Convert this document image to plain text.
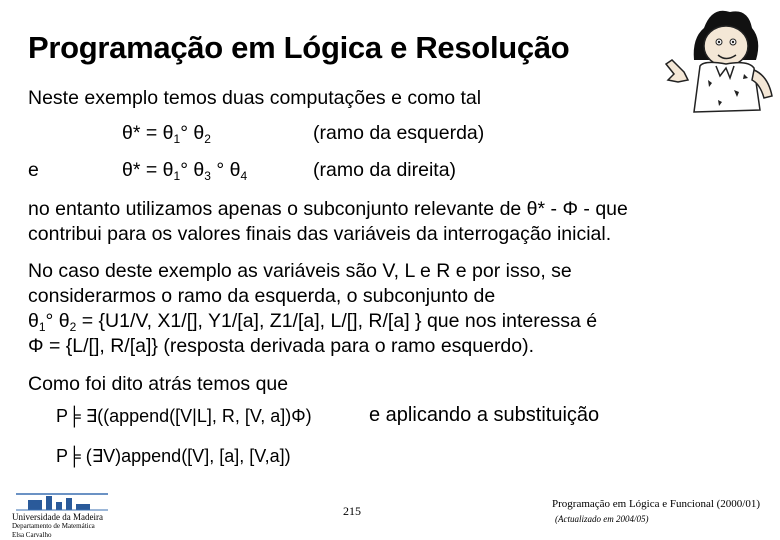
Programação em Lógica e Resolução
Neste exemplo temos duas computações e como tal
$\theta* = \theta_1^\circ$ $\theta_2$	(ramo da esquerda)
e	$\theta* = \theta_1^\circ$ $\theta_3$ ° $\theta_4$	(ramo da direita)
no entanto utilizamos apenas o subconjunto relevante de θ* - Φ - que
contribui para os valores finais das variáveis da interrogação inicial.
No caso deste exemplo as variáveis são V, L e R e por isso, se
considerarmos o ramo da esquerda, o subconjunto de
$\theta_1^\circ$ $\theta_2 = \{U1/V$, X1/[], Y1/[a], Z1/[a], L/[], R/[a] } que nos interessa é
Φ = {L/[], R/[a]} (resposta derivada para o ramo esquerdo).
Como foi dito atrás temos que
P╞ ∃((append([V|L], R, [V, a])Φ)	e aplicando a substituição
P╞ (∃V)append([V], [a], [V,a])
Universidade da Madeira
Departamento de Matemática
Elsa Carvalho
215	Programação em Lógica e Funcional (2000/01)
(Actualizado em 2004/05)
